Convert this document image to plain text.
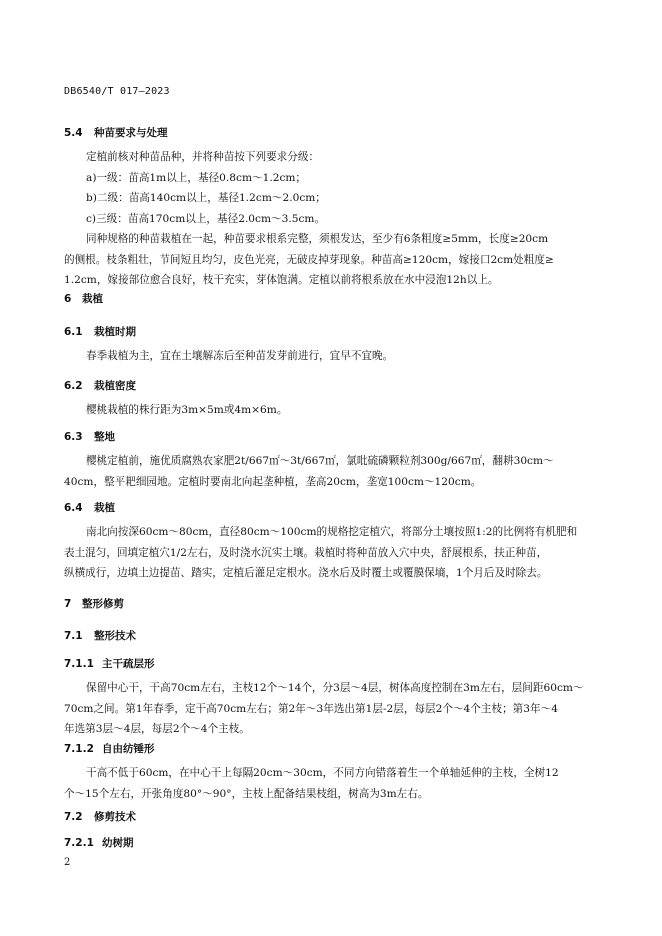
DB6540/T 017—2023
5.4 种苗要求与处理
定植前核对种苗品种，并将种苗按下列要求分级：
a)一级：苗高1m以上，基径0.8cm～1.2cm；
b)二级：苗高140cm以上，基径1.2cm～2.0cm；
c)三级：苗高170cm以上，基径2.0cm～3.5cm。
同种规格的种苗栽植在一起，种苗要求根系完整，须根发达，至少有6条粗度≥5mm，长度≥20cm
的侧根。枝条粗壮，节间短且均匀，皮色光亮，无破皮掉芽现象。种苗高≥120cm，嫁接口2cm处粗度≥
1.2cm，嫁接部位愈合良好，枝干充实，芽体饱满。定植以前将根系放在水中浸泡12h以上。
6 栽植
6.1 栽植时期
春季栽植为主，宜在土壤解冻后至种苗发芽前进行，宜早不宜晚。
6.2 栽植密度
樱桃栽植的株行距为3m×5m或4m×6m。
6.3 整地
樱桃定植前，施优质腐熟农家肥2t/667㎡～3t/667㎡，氯吡硫磷颗粒剂300g/667㎡，翻耕30cm～
40cm，整平耙细园地。定植时要南北向起垄种植，垄高20cm，垄宽100cm～120cm。
6.4 栽植
南北向按深60cm～80cm，直径80cm～100cm的规格挖定植穴，将部分土壤按照1:2的比例将有机肥和
表土混匀，回填定植穴1/2左右，及时浇水沉实土壤。栽植时将种苗放入穴中央，舒展根系，扶正种苗，
纵横成行，边填土边提苗、踏实，定植后灌足定根水。浇水后及时覆土或覆膜保墒，1个月后及时除去。
7 整形修剪
7.1 整形技术
7.1.1 主干疏层形
保留中心干，干高70cm左右，主枝12个～14个，分3层～4层，树体高度控制在3m左右，层间距60cm～
70cm之间。第1年春季，定干高70cm左右；第2年～3年选出第1层-2层，每层2个～4个主枝；第3年～4
年选第3层～4层，每层2个～4个主枝。
7.1.2 自由纺锤形
干高不低于60cm，在中心干上每隔20cm～30cm，不同方向错落着生一个单轴延伸的主枝，全树12
个～15个左右，开张角度80°～90°，主枝上配备结果枝组，树高为3m左右。
7.2 修剪技术
7.2.1 幼树期
2
